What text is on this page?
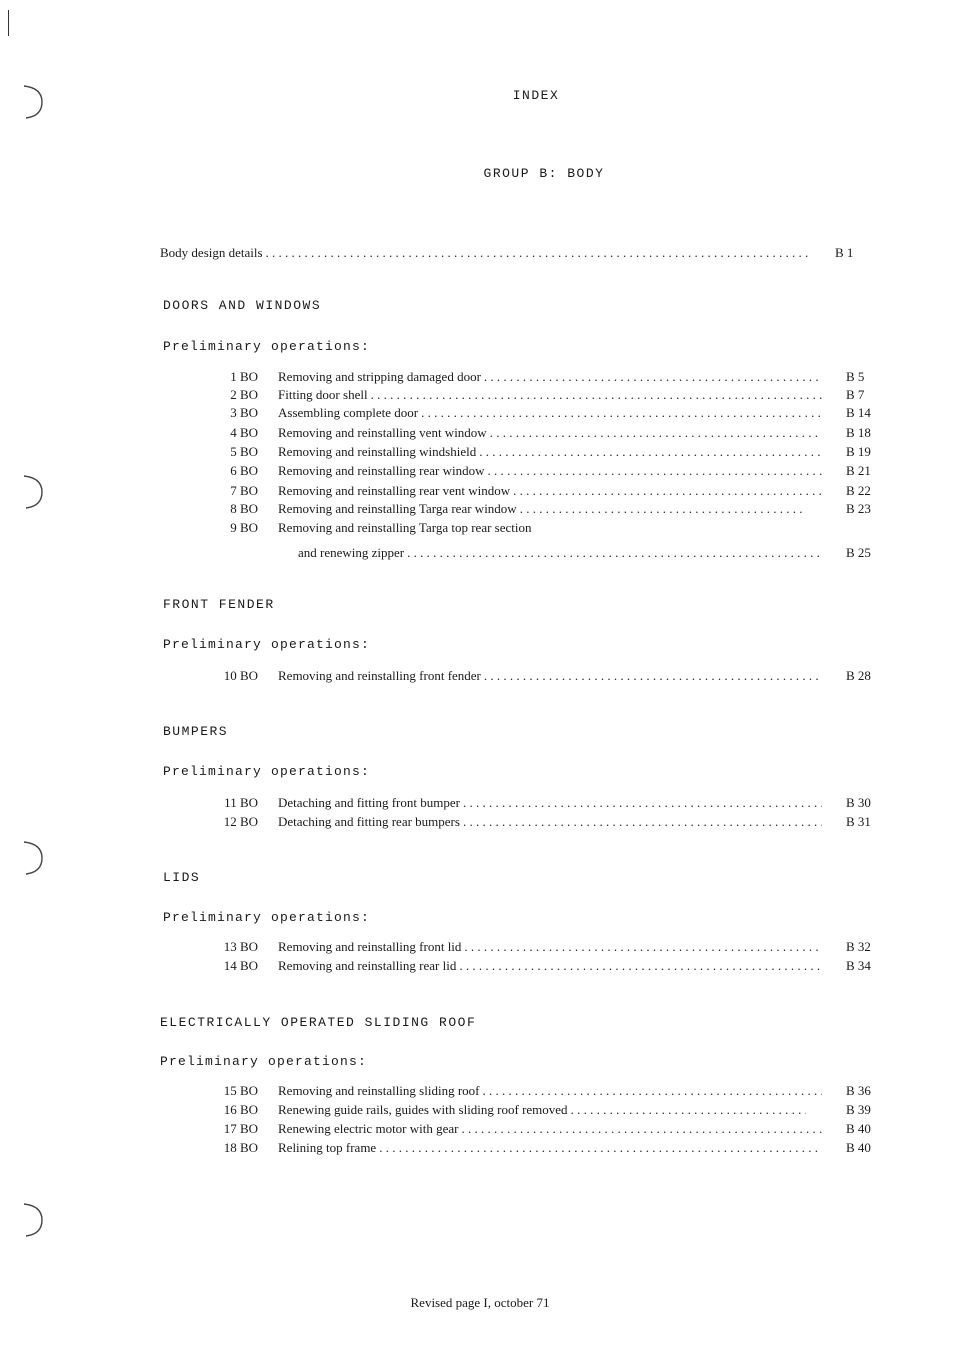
INDEX
GROUP B: BODY
Body design details . . .	B 1
DOORS AND WINDOWS
Preliminary operations:
1 BO Removing and stripping damaged door . . .	B 5
2 BO Fitting door shell . . .	B 7
3 BO Assembling complete door . . .	B 14
4 BO Removing and reinstalling vent window . . .	B 18
5 BO Removing and reinstalling windshield . . .	B 19
6 BO Removing and reinstalling rear window . . .	B 21
7 BO Removing and reinstalling rear vent window . . .	B 22
8 BO Removing and reinstalling Targa rear window . . .	B 23
9 BO Removing and reinstalling Targa top rear section
and renewing zipper . . .	B 25
FRONT FENDER
Preliminary operations:
10 BO Removing and reinstalling front fender . . .	B 28
BUMPERS
Preliminary operations:
11 BO Detaching and fitting front bumper . . .	B 30
12 BO Detaching and fitting rear bumpers . . .	B 31
LIDS
Preliminary operations:
13 BO Removing and reinstalling front lid . . .	B 32
14 BO Removing and reinstalling rear lid . . .	B 34
ELECTRICALLY OPERATED SLIDING ROOF
Preliminary operations:
15 BO Removing and reinstalling sliding roof . . .	B 36
16 BO Renewing guide rails, guides with sliding roof removed . . .	B 39
17 BO Renewing electric motor with gear . . .	B 40
18 BO Relining top frame . . .	B 40
Revised page I, october 71
